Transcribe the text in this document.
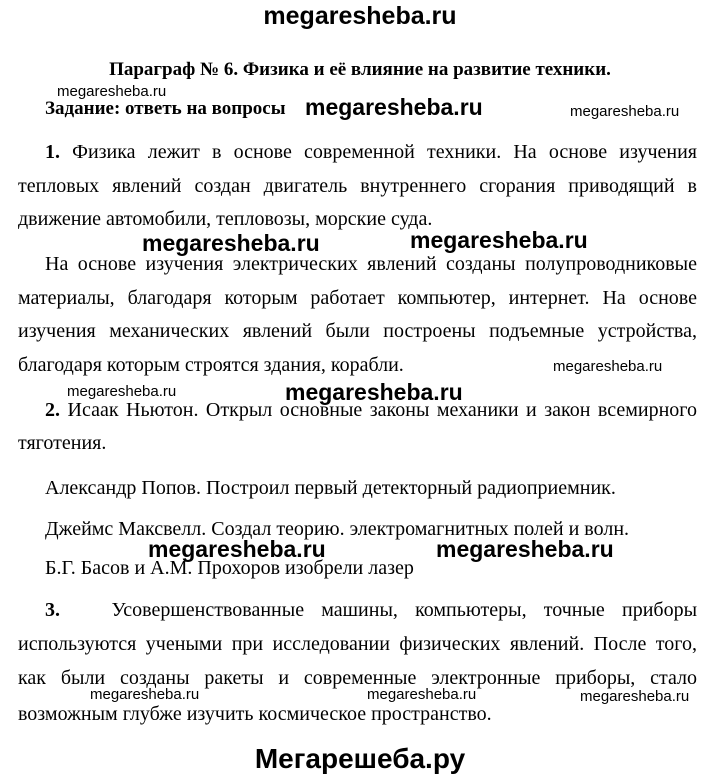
megaresheba.ru
Параграф № 6. Физика и её влияние на развитие техники.
megaresheba.ru
Задание: ответь на вопросы megaresheba.ru	megaresheba.ru
1. Физика лежит в основе современной техники. На основе изучения
тепловых явлений создан двигатель внутреннего сгорания приводящий в
движение автомобили, тепловозы, морские суда.
megaresheba.ru	megaresheba.ru
На основе изучения электрических явлений созданы полупроводниковые
материалы, благодаря которым работает компьютер, интернет. На основе
изучения механических явлений были построены подъемные устройства,
благодаря которым строятся здания, корабли.	megaresheba.ru
megaresheba.ru	megaresheba.ru
2. Исаак Ньютон. Открыл основные законы механики и закон всемирного
тяготения.
Александр Попов. Построил первый детекторный радиоприемник.
Джеймс Максвелл. Создал теорию. электромагнитных полей и волн.
megaresheba.ru	megaresheba.ru
Б.Г. Басов и А.М. Прохоров изобрели лазер
3.	Усовершенствованные машины, компьютеры, точные приборы
используются учеными при исследовании физических явлений. После того,
как были созданы ракеты и современные электронные приборы, стало
megaresheba.ru	megaresheba.ru	megaresheba.ru
возможным глубже изучить космическое пространство.
Мегарешеба.ру
